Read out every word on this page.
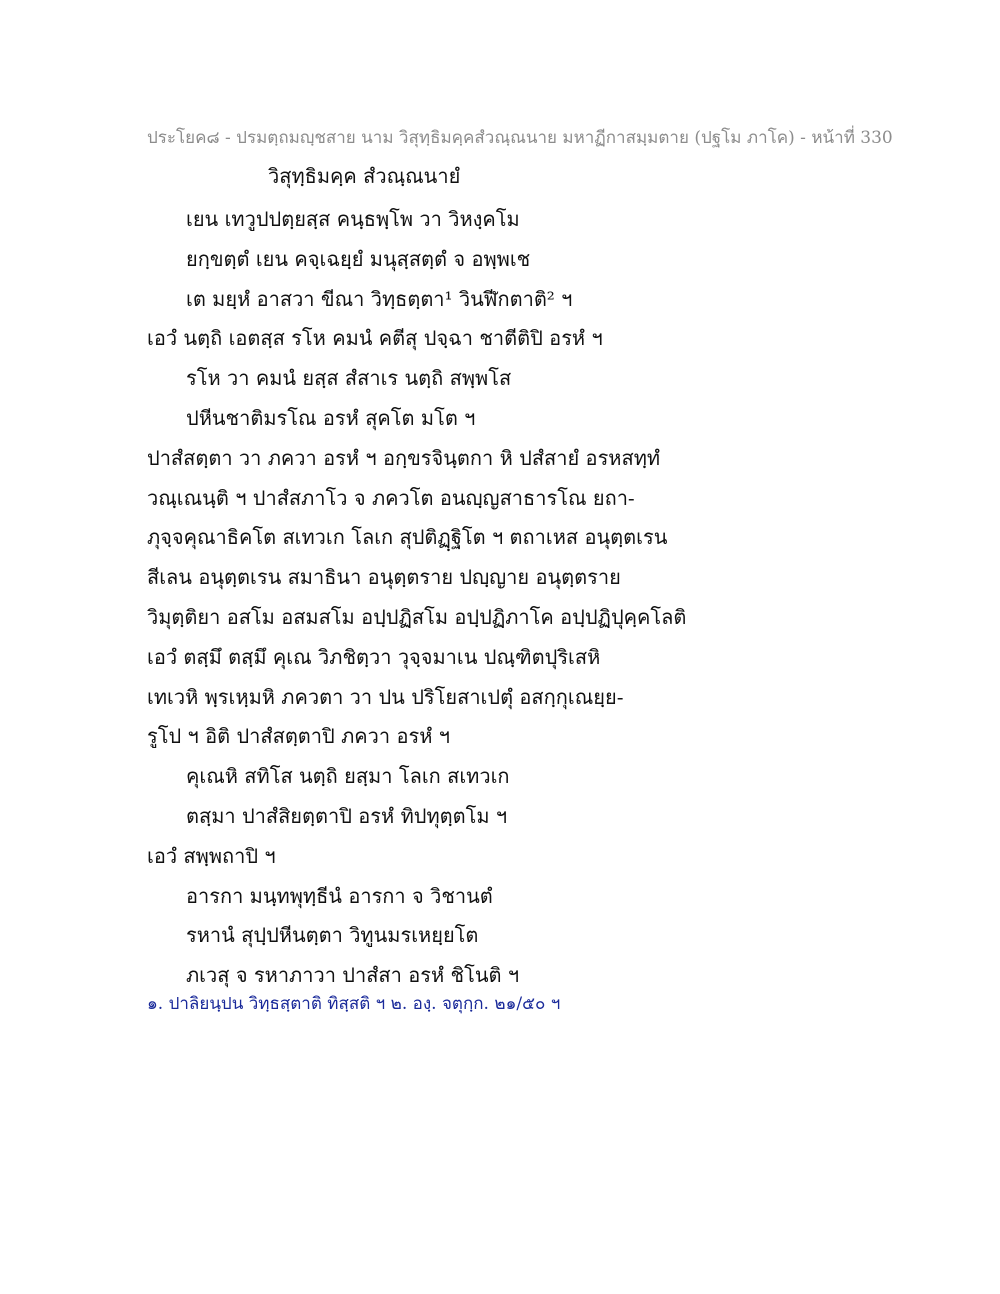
ประโยค๘ - ปรมตฺถมญฺชสาย นาม วิสุทฺธิมคฺคสํวณฺณนาย มหาฏีกาสมฺมตาย (ปฐโม ภาโค) - หน้าที่ 330
วิสุทฺธิมคฺค สํวณฺณนายํ
เยน เทวูปปตฺยสฺส คนฺธพฺโพ วา วิหงฺคโม
ยกฺขตฺตํ เยน คจฺเฉยฺยํ มนุสฺสตฺตํ จ อพฺพเช
เต มยฺหํ อาสวา ขีณา วิทฺธตฺตา¹ วินฬีกตาติ² ฯ
เอวํ นตฺถิ เอตสฺส รโห คมนํ คตีสุ ปจฺฉา ชาตีติปิ อรหํ ฯ
รโห วา คมนํ ยสฺส สํสาเร นตฺถิ สพฺพโส
ปหีนชาติมรโณ อรหํ สุคโต มโต ฯ
ปาสํสตฺตา วา ภควา อรหํ ฯ อกฺขรจินฺตกา หิ ปสํสายํ อรหสทฺทํ
วณฺเณนฺติ ฯ ปาสํสภาโว จ ภควโต อนญฺญสาธารโณ ยถา-
ภุจฺจคุณาธิคโต สเทวเก โลเก สุปติฏฺฐิโต ฯ ตถาเหส อนุตฺตเรน
สีเลน อนุตฺตเรน สมาธินา อนุตฺตราย ปญฺญาย อนุตฺตราย
วิมุตฺติยา อสโม อสมสโม อปฺปฏิสโม อปฺปฏิภาโค อปฺปฏิปุคฺคโลติ
เอวํ ตสฺมึ ตสฺมึ คุเณ วิภชิตฺวา วุจฺจมาเน ปณฺฑิตปุริเสหิ
เทเวหิ พฺรเหฺมหิ ภควตา วา ปน ปริโยสาเปตุํ อสกฺกุเณยฺย-
รูโป ฯ อิติ ปาสํสตฺตาปิ ภควา อรหํ ฯ
คุเณหิ สทิโส นตฺถิ ยสฺมา โลเก สเทวเก
ตสฺมา ปาสํสิยตฺตาปิ อรหํ ทิปทุตฺตโม ฯ
เอวํ สพฺพถาปิ ฯ
อารกา มนฺทพุทฺธีนํ อารกา จ วิชานตํ
รหานํ สุปฺปหีนตฺตา วิทูนมรเหยฺยโต
ภเวสุ จ รหาภาวา ปาสํสา อรหํ ชิโนติ ฯ
๑. ปาลิยนฺปน วิทฺธสฺตาติ ทิสฺสติ ฯ ๒. องฺ. จตุกฺก. ๒๑/๕๐ ฯ
